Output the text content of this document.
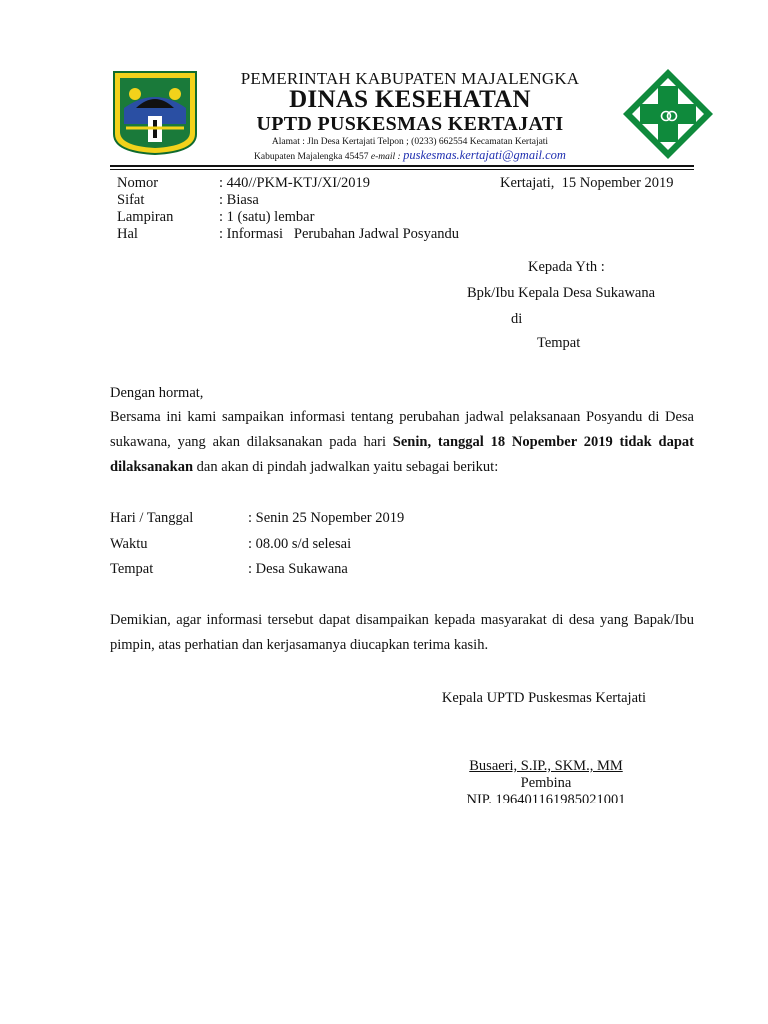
PEMERINTAH KABUPATEN MAJALENGKA
DINAS KESEHATAN
UPTD PUSKESMAS KERTAJATI
Alamat : Jln Desa Kertajati Telpon ; (0233) 662554 Kecamatan Kertajati
Kabupaten Majalengka 45457 e-mail : puskesmas.kertajati@gmail.com
Nomor	: 440//PKM-KTJ/XI/2019
Sifat	: Biasa
Lampiran	: 1 (satu) lembar
Hal	: Informasi   Perubahan Jadwal Posyandu
Kertajati,  15 Nopember 2019
Kepada Yth :
Bpk/Ibu Kepala Desa Sukawana
di
Tempat
Dengan hormat,
Bersama ini kami sampaikan informasi tentang perubahan jadwal pelaksanaan Posyandu di Desa sukawana, yang akan dilaksanakan pada hari Senin, tanggal 18 Nopember 2019 tidak dapat dilaksanakan dan akan di pindah jadwalkan yaitu sebagai berikut:
Hari / Tanggal	: Senin 25 Nopember 2019
Waktu	: 08.00 s/d selesai
Tempat	: Desa Sukawana
Demikian, agar informasi tersebut dapat disampaikan kepada masyarakat di desa yang Bapak/Ibu pimpin, atas perhatian dan kerjasamanya diucapkan terima kasih.
Kepala UPTD Puskesmas Kertajati
Busaeri, S.IP., SKM., MM
Pembina
NIP. 196401161985021001
